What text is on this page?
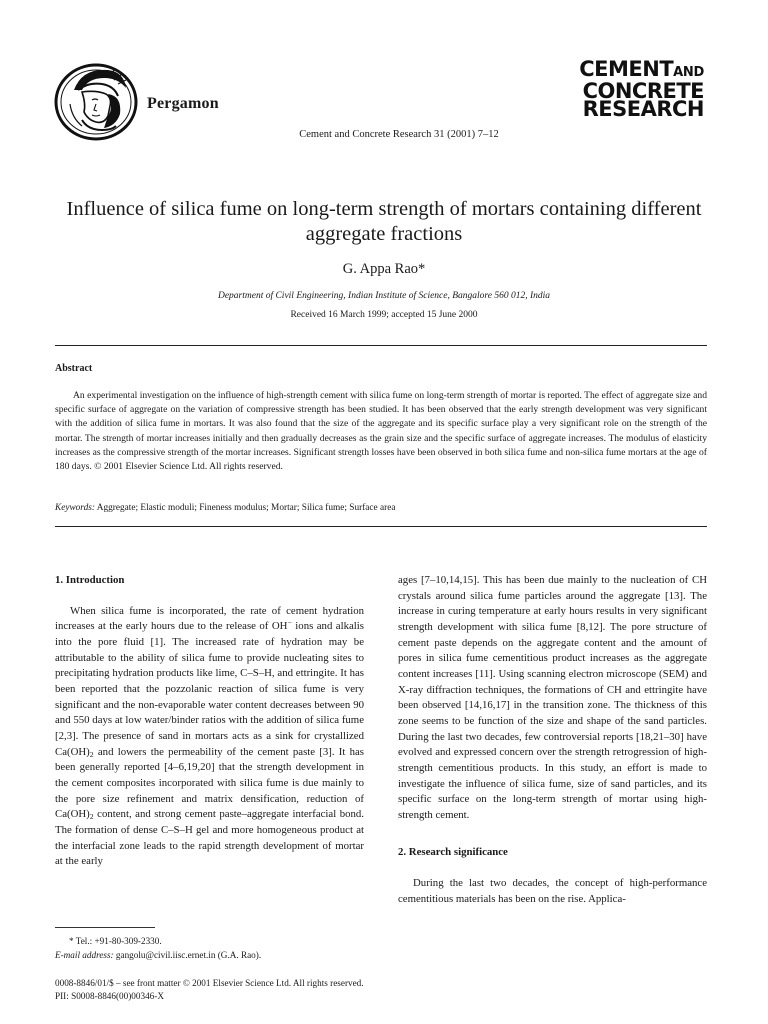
Pergamon
CEMENTAND
CONCRETE
RESEARCH
Cement and Concrete Research 31 (2001) 7–12
Influence of silica fume on long-term strength of mortars containing different aggregate fractions
G. Appa Rao*
Department of Civil Engineering, Indian Institute of Science, Bangalore 560 012, India
Received 16 March 1999; accepted 15 June 2000
Abstract

An experimental investigation on the influence of high-strength cement with silica fume on long-term strength of mortar is reported. The effect of aggregate size and specific surface of aggregate on the variation of compressive strength has been studied. It has been observed that the early strength development was very significant with the addition of silica fume in mortars. It was also found that the size of the aggregate and its specific surface play a very significant role on the strength of the mortar. The strength of mortar increases initially and then gradually decreases as the grain size and the specific surface of aggregate increases. The modulus of elasticity increases as the compressive strength of the mortar increases. Significant strength losses have been observed in both silica fume and non-silica fume mortars at the age of 180 days. © 2001 Elsevier Science Ltd. All rights reserved.

Keywords: Aggregate; Elastic moduli; Fineness modulus; Mortar; Silica fume; Surface area
1. Introduction

When silica fume is incorporated, the rate of cement hydration increases at the early hours due to the release of OH− ions and alkalis into the pore fluid [1]. The increased rate of hydration may be attributable to the ability of silica fume to provide nucleating sites to precipitating hydration products like lime, C–S–H, and ettringite. It has been reported that the pozzolanic reaction of silica fume is very significant and the non-evaporable water content decreases between 90 and 550 days at low water/binder ratios with the addition of silica fume [2,3]. The presence of sand in mortars acts as a sink for crystallized $Ca(OH)_2$ and lowers the permeability of the cement paste [3]. It has been generally reported [4–6,19,20] that the strength development in the cement composites incorporated with silica fume is due mainly to the pore size refinement and matrix densification, reduction of $Ca(OH)_2$ content, and strong cement paste–aggregate interfacial bond. The formation of dense C–S–H gel and more homogeneous product at the interfacial zone leads to the rapid strength development of mortar at the early

ages [7–10,14,15]. This has been due mainly to the nucleation of CH crystals around silica fume particles around the aggregate [13]. The increase in curing temperature at early hours results in very significant strength development with silica fume [8,12]. The pore structure of cement paste depends on the aggregate content and the amount of pores in silica fume cementitious product increases as the aggregate content increases [11]. Using scanning electron microscope (SEM) and X-ray diffraction techniques, the formations of CH and ettringite have been observed [14,16,17] in the transition zone. The thickness of this zone seems to be function of the size and shape of the sand particles. During the last two decades, few controversial reports [18,21–30] have evolved and expressed concern over the strength retrogression of high-strength cementitious products. In this study, an effort is made to investigate the influence of silica fume, size of sand particles, and its specific surface on the long-term strength of mortar using high-strength cement.

2. Research significance

During the last two decades, the concept of high-performance cementitious materials has been on the rise. Applica-

* Tel.: +91-80-309-2330.
E-mail address: gangolu@civil.iisc.ernet.in (G.A. Rao).
0008-8846/01/$ – see front matter © 2001 Elsevier Science Ltd. All rights reserved.
PII: S0008-8846(00)00346-X
